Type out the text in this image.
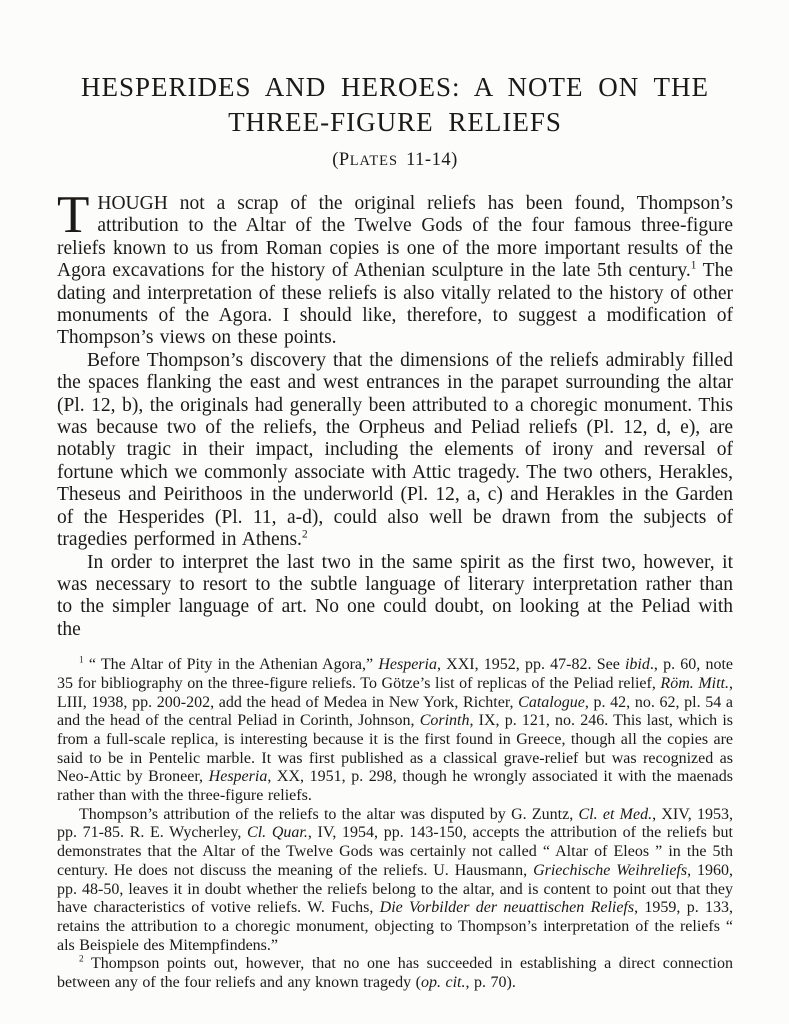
HESPERIDES AND HEROES: A NOTE ON THE
THREE-FIGURE RELIEFS
(PLATES 11-14)

THOUGH not a scrap of the original reliefs has been found, Thompson’s attribution to the Altar of the Twelve Gods of the four famous three-figure reliefs known to us from Roman copies is one of the more important results of the Agora excavations for the history of Athenian sculpture in the late 5th century.$^1$ The dating and interpretation of these reliefs is also vitally related to the history of other monuments of the Agora. I should like, therefore, to suggest a modification of Thompson’s views on these points.

Before Thompson’s discovery that the dimensions of the reliefs admirably filled the spaces flanking the east and west entrances in the parapet surrounding the altar (Pl. 12, b), the originals had generally been attributed to a choregic monument. This was because two of the reliefs, the Orpheus and Peliad reliefs (Pl. 12, d, e), are notably tragic in their impact, including the elements of irony and reversal of fortune which we commonly associate with Attic tragedy. The two others, Herakles, Theseus and Peirithoos in the underworld (Pl. 12, a, c) and Herakles in the Garden of the Hesperides (Pl. 11, a-d), could also well be drawn from the subjects of tragedies performed in Athens.$^2$

In order to interpret the last two in the same spirit as the first two, however, it was necessary to resort to the subtle language of literary interpretation rather than to the simpler language of art. No one could doubt, on looking at the Peliad with the

$^1$ “ The Altar of Pity in the Athenian Agora,” Hesperia, XXI, 1952, pp. 47-82. See ibid., p. 60, note 35 for bibliography on the three-figure reliefs. To Götze’s list of replicas of the Peliad relief, Röm. Mitt., LIII, 1938, pp. 200-202, add the head of Medea in New York, Richter, Catalogue, p. 42, no. 62, pl. 54 a and the head of the central Peliad in Corinth, Johnson, Corinth, IX, p. 121, no. 246. This last, which is from a full-scale replica, is interesting because it is the first found in Greece, though all the copies are said to be in Pentelic marble. It was first published as a classical grave-relief but was recognized as Neo-Attic by Broneer, Hesperia, XX, 1951, p. 298, though he wrongly associated it with the maenads rather than with the three-figure reliefs.

Thompson’s attribution of the reliefs to the altar was disputed by G. Zuntz, Cl. et Med., XIV, 1953, pp. 71-85. R. E. Wycherley, Cl. Quar., IV, 1954, pp. 143-150, accepts the attribution of the reliefs but demonstrates that the Altar of the Twelve Gods was certainly not called “ Altar of Eleos ” in the 5th century. He does not discuss the meaning of the reliefs. U. Hausmann, Griechische Weihreliefs, 1960, pp. 48-50, leaves it in doubt whether the reliefs belong to the altar, and is content to point out that they have characteristics of votive reliefs. W. Fuchs, Die Vorbilder der neuattischen Reliefs, 1959, p. 133, retains the attribution to a choregic monument, objecting to Thompson’s interpretation of the reliefs “ als Beispiele des Mitempfindens.”

$^2$ Thompson points out, however, that no one has succeeded in establishing a direct connection between any of the four reliefs and any known tragedy (op. cit., p. 70).
